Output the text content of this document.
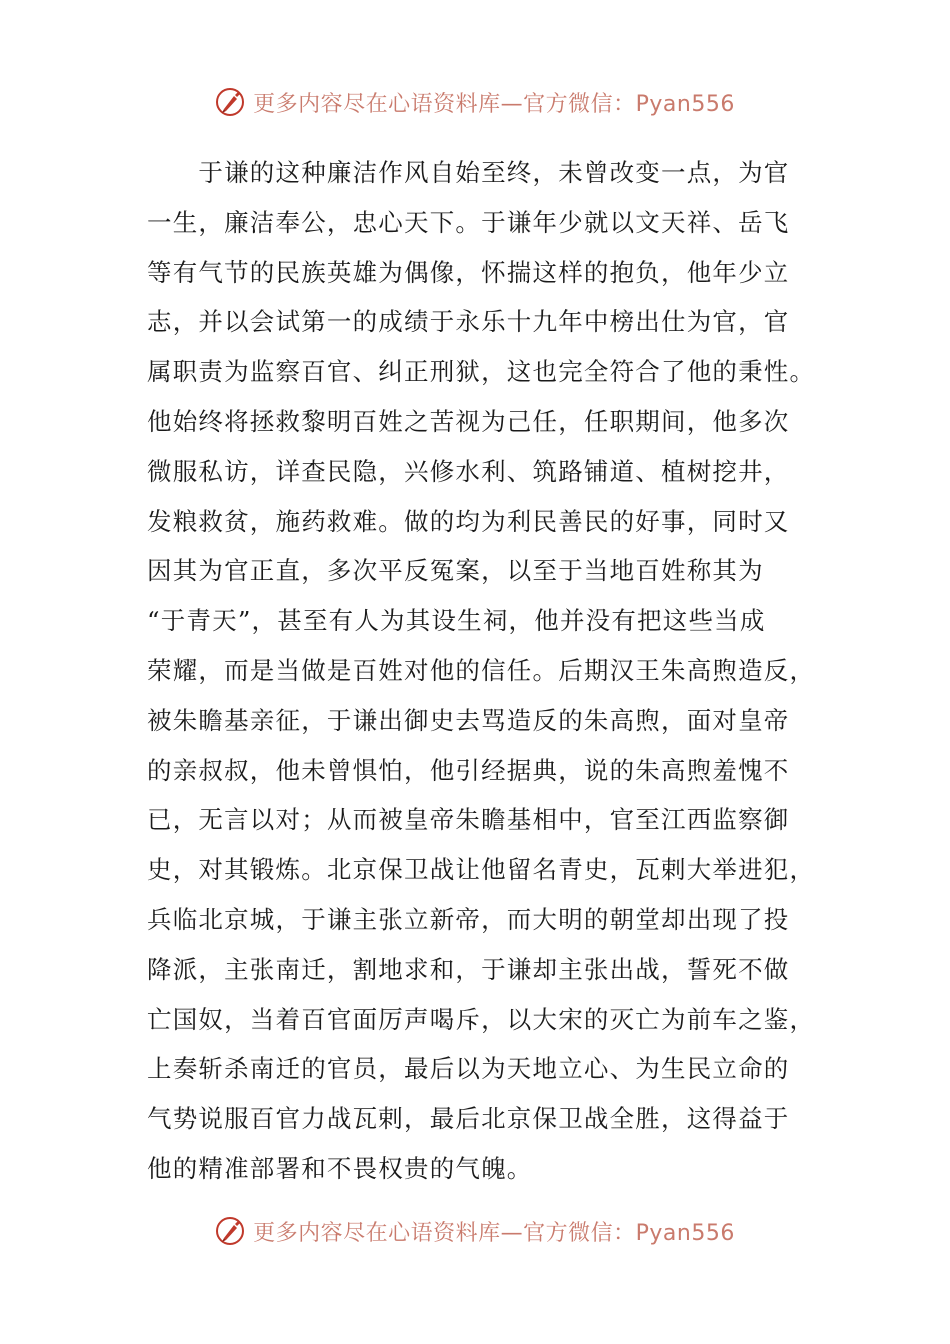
更多内容尽在心语资料库—官方微信：Pyan556
　　于谦的这种廉洁作风自始至终，未曾改变一点，为官
一生，廉洁奉公，忠心天下。于谦年少就以文天祥、岳飞
等有气节的民族英雄为偶像，怀揣这样的抱负，他年少立
志，并以会试第一的成绩于永乐十九年中榜出仕为官，官
属职责为监察百官、纠正刑狱，这也完全符合了他的秉性。
他始终将拯救黎明百姓之苦视为己任，任职期间，他多次
微服私访，详查民隐，兴修水利、筑路铺道、植树挖井，
发粮救贫，施药救难。做的均为利民善民的好事，同时又
因其为官正直，多次平反冤案，以至于当地百姓称其为
“于青天”，甚至有人为其设生祠，他并没有把这些当成
荣耀，而是当做是百姓对他的信任。后期汉王朱高煦造反，
被朱瞻基亲征，于谦出御史去骂造反的朱高煦，面对皇帝
的亲叔叔，他未曾惧怕，他引经据典，说的朱高煦羞愧不
已，无言以对；从而被皇帝朱瞻基相中，官至江西监察御
史，对其锻炼。北京保卫战让他留名青史，瓦剌大举进犯，
兵临北京城，于谦主张立新帝，而大明的朝堂却出现了投
降派，主张南迁，割地求和，于谦却主张出战，誓死不做
亡国奴，当着百官面厉声喝斥，以大宋的灭亡为前车之鉴，
上奏斩杀南迁的官员，最后以为天地立心、为生民立命的
气势说服百官力战瓦剌，最后北京保卫战全胜，这得益于
他的精准部署和不畏权贵的气魄。
更多内容尽在心语资料库—官方微信：Pyan556
